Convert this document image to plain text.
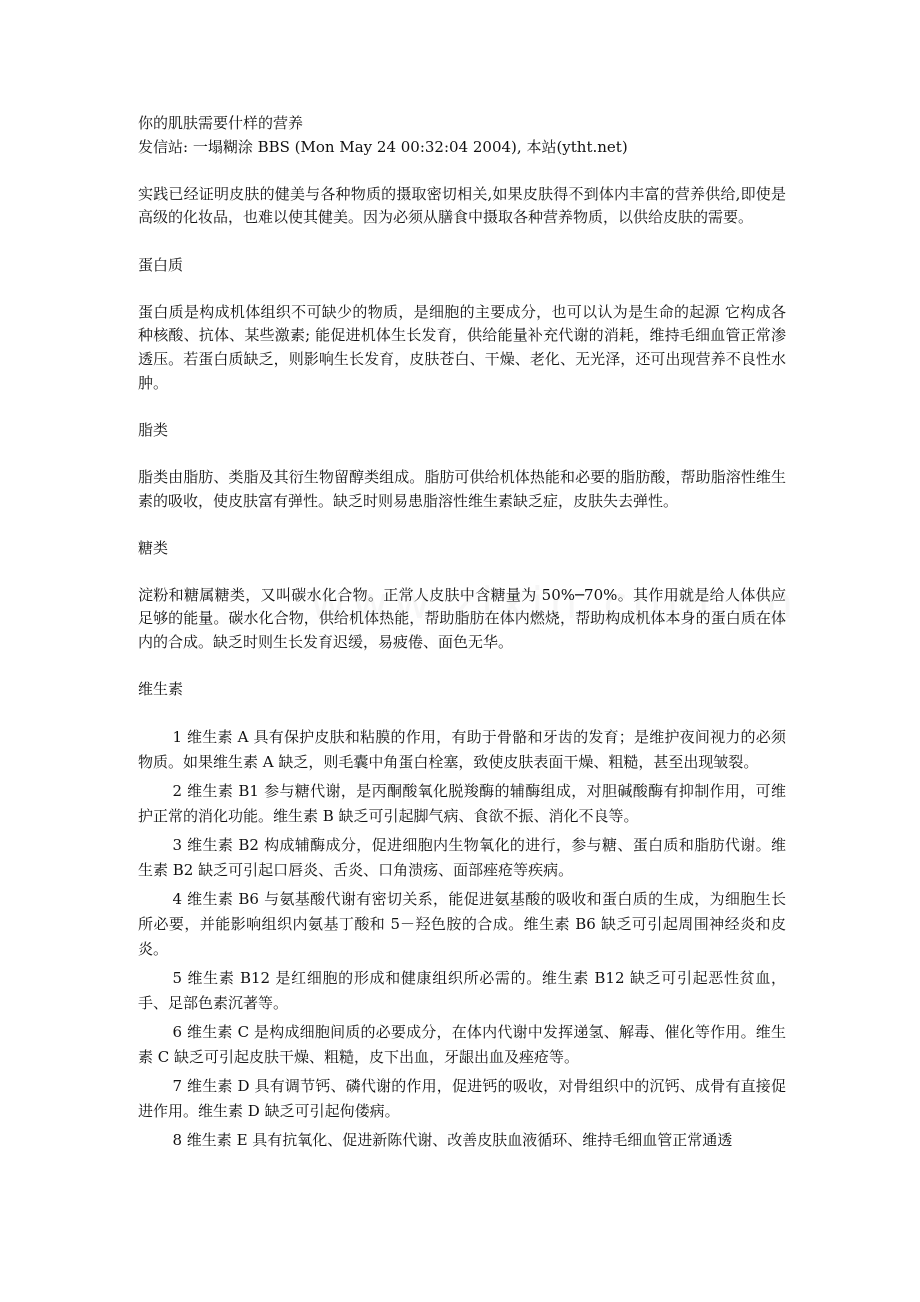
你的肌肤需要什样的营养

发信站: 一塌糊涂 BBS (Mon May 24 00:32:04 2004), 本站(ytht.net)

实践已经证明皮肤的健美与各种物质的摄取密切相关,如果皮肤得不到体内丰富的营养供给,即使是高级的化妆品，也难以使其健美。因为必须从膳食中摄取各种营养物质，以供给皮肤的需要。

蛋白质

蛋白质是构成机体组织不可缺少的物质，是细胞的主要成分，也可以认为是生命的起源 它构成各种核酸、抗体、某些激素; 能促进机体生长发育，供给能量补充代谢的消耗，维持毛细血管正常渗透压。若蛋白质缺乏，则影响生长发育，皮肤苍白、干燥、老化、无光泽，还可出现营养不良性水肿。

脂类

脂类由脂肪、类脂及其衍生物留醇类组成。脂肪可供给机体热能和必要的脂肪酸，帮助脂溶性维生素的吸收，使皮肤富有弹性。缺乏时则易患脂溶性维生素缺乏症，皮肤失去弹性。

糖类

淀粉和糖属糖类，又叫碳水化合物。正常人皮肤中含糖量为 50%─70%。其作用就是给人体供应足够的能量。碳水化合物，供给机体热能，帮助脂肪在体内燃烧，帮助构成机体本身的蛋白质在体内的合成。缺乏时则生长发育迟缓，易疲倦、面色无华。

维生素

1 维生素 A 具有保护皮肤和粘膜的作用，有助于骨骼和牙齿的发育；是维护夜间视力的必须物质。如果维生素 A 缺乏，则毛囊中角蛋白栓塞，致使皮肤表面干燥、粗糙，甚至出现皱裂。

2 维生素 B1 参与糖代谢，是丙酮酸氧化脱羧酶的辅酶组成，对胆碱酸酶有抑制作用，可维护正常的消化功能。维生素 B 缺乏可引起脚气病、食欲不振、消化不良等。

3 维生素 B2 构成辅酶成分，促进细胞内生物氧化的进行，参与糖、蛋白质和脂肪代谢。维生素 B2 缺乏可引起口唇炎、舌炎、口角溃疡、面部痤疮等疾病。

4 维生素 B6 与氨基酸代谢有密切关系，能促进氨基酸的吸收和蛋白质的生成，为细胞生长所必要，并能影响组织内氨基丁酸和 5－羟色胺的合成。维生素 B6 缺乏可引起周围神经炎和皮炎。

5 维生素 B12 是红细胞的形成和健康组织所必需的。维生素 B12 缺乏可引起恶性贫血，手、足部色素沉著等。

6 维生素 C 是构成细胞间质的必要成分，在体内代谢中发挥递氢、解毒、催化等作用。维生素 C 缺乏可引起皮肤干燥、粗糙，皮下出血，牙龈出血及痤疮等。

7 维生素 D 具有调节钙、磷代谢的作用，促进钙的吸收，对骨组织中的沉钙、成骨有直接促进作用。维生素 D 缺乏可引起佝偻病。

8 维生素 E 具有抗氧化、促进新陈代谢、改善皮肤血液循环、维持毛细血管正常通透
